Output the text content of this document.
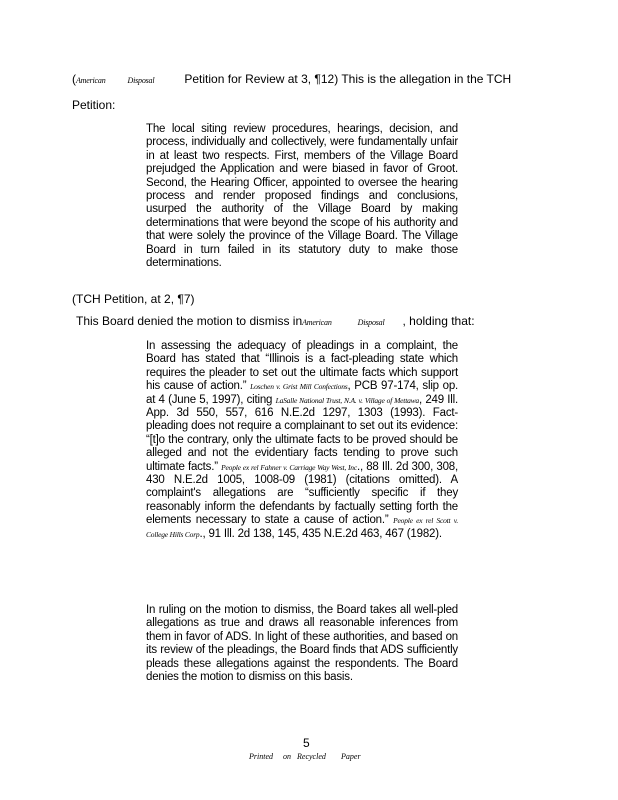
(American	Disposal	Petition for Review at 3, ¶12) This is the allegation in the TCH
Petition:
The local siting review procedures, hearings, decision, and process, individually and collectively, were fundamentally unfair in at least two respects. First, members of the Village Board prejudged the Application and were biased in favor of Groot. Second, the Hearing Officer, appointed to oversee the hearing process and render proposed findings and conclusions, usurped the authority of the Village Board by making determinations that were beyond the scope of his authority and that were solely the province of the Village Board. The Village Board in turn failed in its statutory duty to make those determinations.
(TCH Petition, at 2, ¶7)
This Board denied the motion to dismiss inAmerican	Disposal , holding that:
In assessing the adequacy of pleadings in a complaint, the Board has stated that “Illinois is a fact-pleading state which requires the pleader to set out the ultimate facts which support his cause of action.” Loschen v. Grist Mill Confections, PCB 97-174, slip op. at 4 (June 5, 1997), citing LaSalle National Trust, N.A. v. Village of Mettawa, 249 Ill. App. 3d 550, 557, 616 N.E.2d 1297, 1303 (1993). Fact-pleading does not require a complainant to set out its evidence: “[t]o the contrary, only the ultimate facts to be proved should be alleged and not the evidentiary facts tending to prove such ultimate facts.” People ex rel Fahner v. Carriage Way West, Inc., 88 Ill. 2d 300, 308, 430 N.E.2d 1005, 1008-09 (1981) (citations omitted). A complaint's allegations are “sufficiently specific if they reasonably inform the defendants by factually setting forth the elements necessary to state a cause of action.” People ex rel Scott v. College Hills Corp., 91 Ill. 2d 138, 145, 435 N.E.2d 463, 467 (1982).
In ruling on the motion to dismiss, the Board takes all well-pled allegations as true and draws all reasonable inferences from them in favor of ADS. In light of these authorities, and based on its review of the pleadings, the Board finds that ADS sufficiently pleads these allegations against the respondents. The Board denies the motion to dismiss on this basis.
5
Printed on Recycled Paper
